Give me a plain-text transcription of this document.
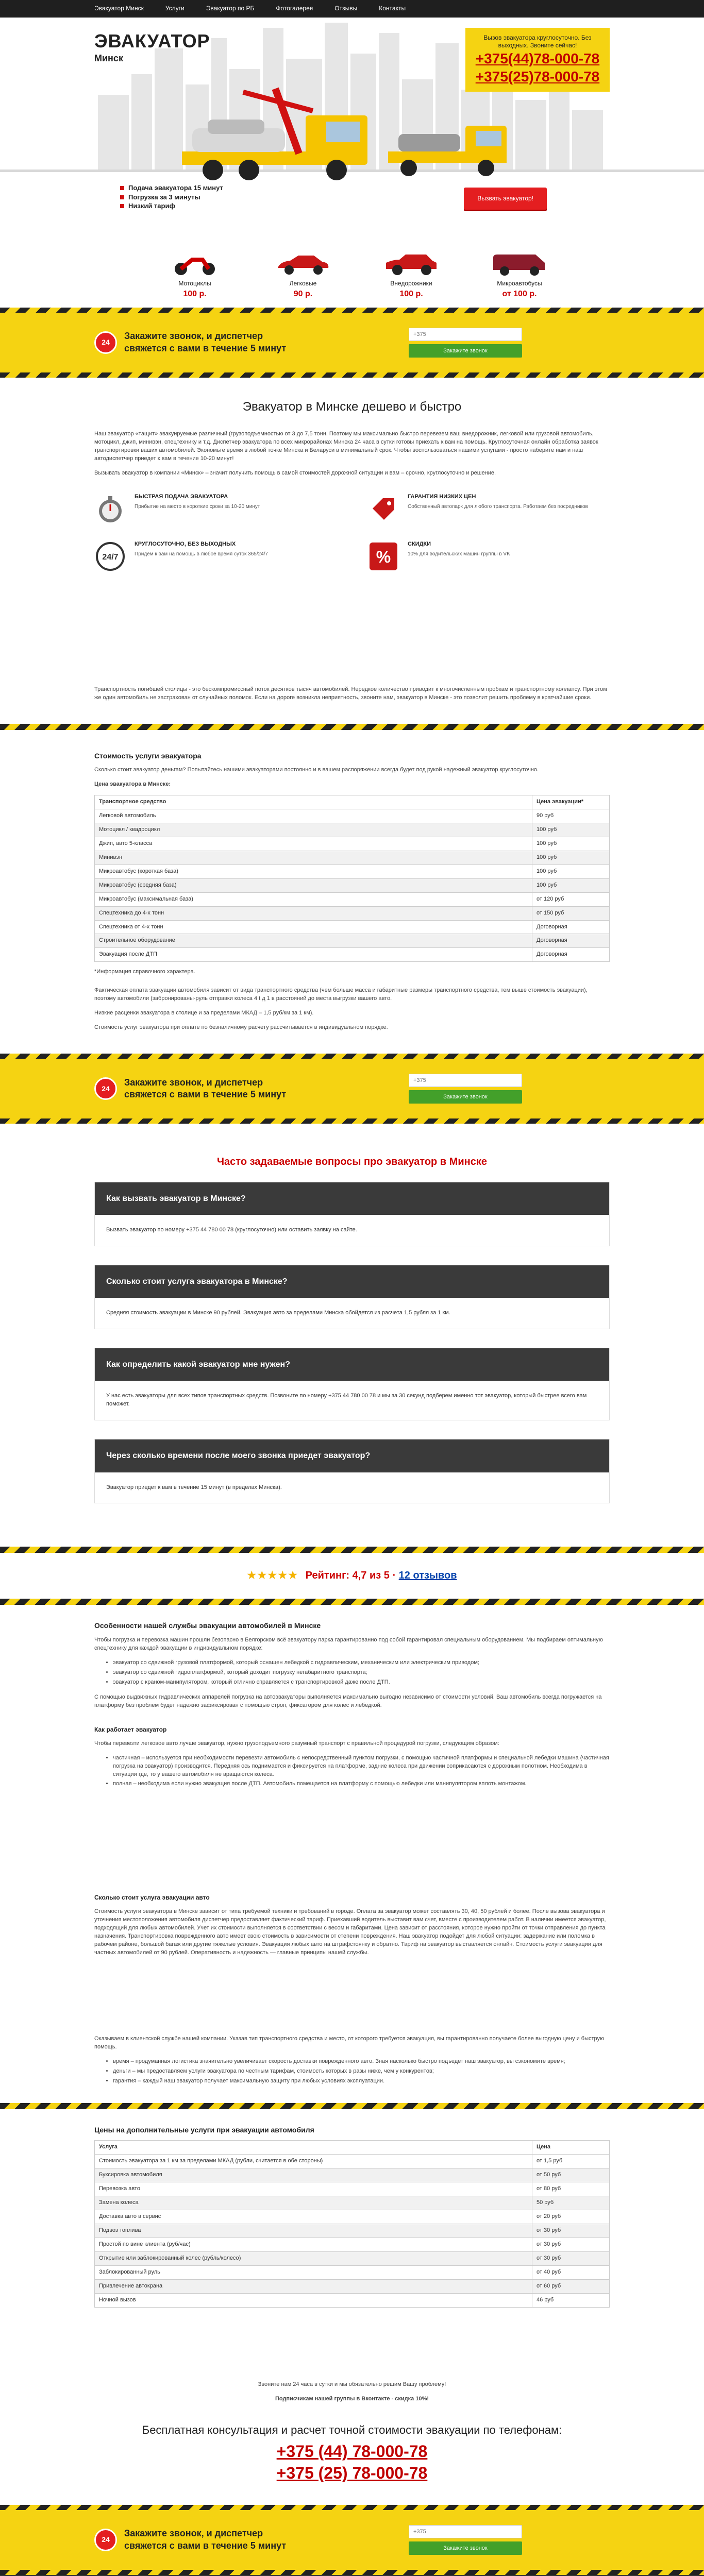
Эвакуатор Минск	Услуги	Эвакуатор по РБ	Фотогалерея	Отзывы	Контакты
ЭВАКУАТОР
Минск
Вызов эвакуатора круглосуточно. Без выходных. Звоните сейчас!
+375(44)78-000-78
+375(25)78-000-78
Подача эвакуатора 15 минут
Погрузка за 3 минуты
Низкий тариф
Вызвать эвакуатор!
Мотоциклы
100 р.
Легковые
90 р.
Внедорожники
100 р.
Микроавтобусы
от 100 р.
24
Закажите звонок, и диспетчер
свяжется с вами в течение 5 минут
+375	Закажите звонок
Эвакуатор в Минске дешево и быстро

Наш эвакуатор «тащит» эвакуируемые различный (грузоподъемностью от 3 до 7,5 тонн. Поэтому мы максимально быстро перевезем ваш внедорожник, легковой или грузовой автомобиль, мотоцикл, джип, минивэн, спецтехнику и т.д. Диспетчер эвакуатора по всех микрорайонах Минска 24 часа в сутки готовы приехать к вам на помощь. Круглосуточная онлайн обработка заявок транспортировки ваших автомобилей. Экономьте время в любой точке Минска и Беларуси в минимальный срок. Чтобы воспользоваться нашими услугами - просто наберите нам и наш автодиспетчер приедет к вам в течение 10-20 минут!

Вызывать эвакуатор в компании «Минск» – значит получить помощь в самой стоимостей дорожной ситуации и вам – срочно, круглосуточно и решение.

БЫСТРАЯ ПОДАЧА ЭВАКУАТОРА
Прибытие на место в короткие сроки за 10-20 минут
ГАРАНТИЯ НИЗКИХ ЦЕН
Собственный автопарк для любого транспорта. Работаем без посредников
24/7
КРУГЛОСУТОЧНО, БЕЗ ВЫХОДНЫХ
Придем к вам на помощь в любое время суток 365/24/7	%
СКИДКИ
10% для водительских машин группы в VK

Транспортность погибшей столицы - это бескомпромиссный поток десятков тысяч автомобилей. Нередкое количество приводит к многочисленным пробкам и транспортному коллапсу. При этом же один автомобиль не застрахован от случайных поломок. Если на дороге возникла неприятность, звоните нам, эвакуатор в Минске - это позволит решить проблему в кратчайшие сроки.

Стоимость услуги эвакуатора

Сколько стоит эвакуатор деньгам? Попытайтесь нашими эвакуаторами постоянно и в вашем распоряжении всегда будет под рукой надежный эвакуатор круглосуточно.

Цена эвакуатора в Минске:

Транспортное средство	Цена эвакуации*
Легковой автомобиль	90 руб
Мотоцикл / квадроцикл	100 руб
Джип, авто 5-класса	100 руб
Минивэн	100 руб
Микроавтобус (короткая база)	100 руб
Микроавтобус (средняя база)	100 руб
Микроавтобус (максимальная база)	от 120 руб
Спецтехника до 4-х тонн	от 150 руб
Спецтехника от 4-х тонн	Договорная
Строительное оборудование	Договорная
Эвакуация после ДТП	Договорная

*Информация справочного характера.

Фактическая оплата эвакуации автомобиля зависит от вида транспортного средства (чем больше масса и габаритные размеры транспортного средства, тем выше стоимость эвакуации), поэтому автомобили (забронированы-руль отправки колеса 4 t д 1 в расстояний до места выгрузки вашего авто.

Низкие расценки эвакуатора в столице и за пределами МКАД – 1,5 руб/км за 1 км).

Стоимость услуг эвакуатора при оплате по безналичному расчету рассчитывается в индивидуальном порядке.

24
Закажите звонок, и диспетчер
свяжется с вами в течение 5 минут
+375	Закажите звонок
Часто задаваемые вопросы про эвакуатор в Минске
Как вызвать эвакуатор в Минске?
Вызвать эвакуатор по номеру +375 44 780 00 78 (круглосуточно) или оставить заявку на сайте.
Сколько стоит услуга эвакуатора в Минске?
Средняя стоимость эвакуации в Минске 90 рублей. Эвакуация авто за пределами Минска обойдется из расчета 1,5 рубля за 1 км.
Как определить какой эвакуатор мне нужен?
У нас есть эвакуаторы для всех типов транспортных средств. Позвоните по номеру +375 44 780 00 78 и мы за 30 секунд подберем именно тот эвакуатор, который быстрее всего вам поможет.
Через сколько времени после моего звонка приедет эвакуатор?
Эвакуатор приедет к вам в течение 15 минут (в пределах Минска).
★★★★★ Рейтинг: 4,7 из 5 · 12 отзывов
Особенности нашей службы эвакуации автомобилей в Минске

Чтобы погрузка и перевозка машин прошли безопасно в Белгорском всё эвакуатору парка гарантированно под собой гарантировал специальным оборудованием. Мы подбираем оптимальную спецтехнику для каждой эвакуации в индивидуальном порядке:

• эвакуатор со сдвижной грузовой платформой, который оснащен лебедкой с гидравлическим, механическим или электрическим приводом;
• эвакуатор со сдвижной гидроплатформой, который доходит погрузку негабаритного транспорта;
• эвакуатор с краном-манипулятором, который отлично справляется с транспортировкой даже после ДТП.

С помощью выдвижных гидравлических аппарелей погрузка на автоэвакуаторы выполняется максимально выгодно независимо от стоимости условий. Ваш автомобиль всегда погружается на платформу без проблем будет надежно зафиксирован с помощью строп, фиксатором для колес и лебедкой.

Как работает эвакуатор

Чтобы перевезти легковое авто лучше эвакуатор, нужно грузоподъемного разумный транспорт с правильной процедурой погрузки, следующим образом:

• частичная – используется при необходимости перевезти автомобиль с непосредственный пунктом погрузки, с помощью частичной платформы и специальной лебедки машина (частичная погрузка на эвакуатор) производится. Передняя ось поднимается и фиксируется на платформе, задние колеса при движении соприкасаются с дорожным полотном. Необходима в ситуации где, то у вашего автомобиля не вращаются колеса.
• полная – необходима если нужно эвакуация после ДТП. Автомобиль помещается на платформу с помощью лебедки или манипулятором вплоть монтажом.
Сколько стоит услуга эвакуации авто

Стоимость услуги эвакуатора в Минске зависит от типа требуемой техники и требований в городе. Оплата за эвакуатор может составлять 30, 40, 50 рублей и более. После вызова эвакуатора и уточнения местоположения автомобиля диспетчер предоставляет фактический тариф. Приехавший водитель выставит вам счет, вместе с производителем работ. В наличии имеется эвакуатор, подходящий для любых автомобилей. Учет их стоимости выполняется в соответствии с весом и габаритами. Цена зависит от расстояния, которое нужно пройти от точки отправления до пункта назначения. Транспортировка поврежденного авто имеет свою стоимость в зависимости от степени повреждения. Наш эвакуатор подойдет для любой ситуации: задержание или поломка в рабочем районе, большой багаж или другие тяжелые условия. Эвакуация любых авто на штрафстоянку и обратно. Тариф на эвакуатор выставляется онлайн. Стоимость услуги эвакуации для частных автомобилей от 90 рублей. Оперативность и надежность — главные принципы нашей службы.

Оказываем в клиентской службе нашей компании. Указав тип транспортного средства и место, от которого требуется эвакуация, вы гарантированно получаете более выгодную цену и быструю помощь.

• время – продуманная логистика значительно увеличивает скорость доставки поврежденного авто. Зная насколько быстро подъедет наш эвакуатор, вы сэкономите время;
• деньги – мы предоставляем услуги эвакуатора по честным тарифам, стоимость которых в разы ниже, чем у конкурентов;
• гарантия – каждый наш эвакуатор получает максимальную защиту при любых условиях эксплуатации.
Цены на дополнительные услуги при эвакуации автомобиля
Услуга	Цена
Стоимость эвакуатора за 1 км за пределами МКАД (рубли, считается в обе стороны)	от 1,5 руб
Буксировка автомобиля	от 50 руб
Перевозка авто	от 80 руб
Замена колеса	50 руб
Доставка авто в сервис	от 20 руб
Подвоз топлива	от 30 руб
Простой по вине клиента (руб/час)	от 30 руб
Открытие или заблокированный колес (рубль/колесо)	от 30 руб
Заблокированный руль	от 40 руб
Привлечение автокрана	от 60 руб
Ночной вызов	46 руб

Звоните нам 24 часа в сутки и мы обязательно решим Вашу проблему!

Подписчикам нашей группы в Вконтакте - скидка 10%!

Бесплатная консультация и расчет точной стоимости эвакуации по телефонам:
+375 (44) 78-000-78
+375 (25) 78-000-78
24
Закажите звонок, и диспетчер
свяжется с вами в течение 5 минут
+375	Закажите звонок
